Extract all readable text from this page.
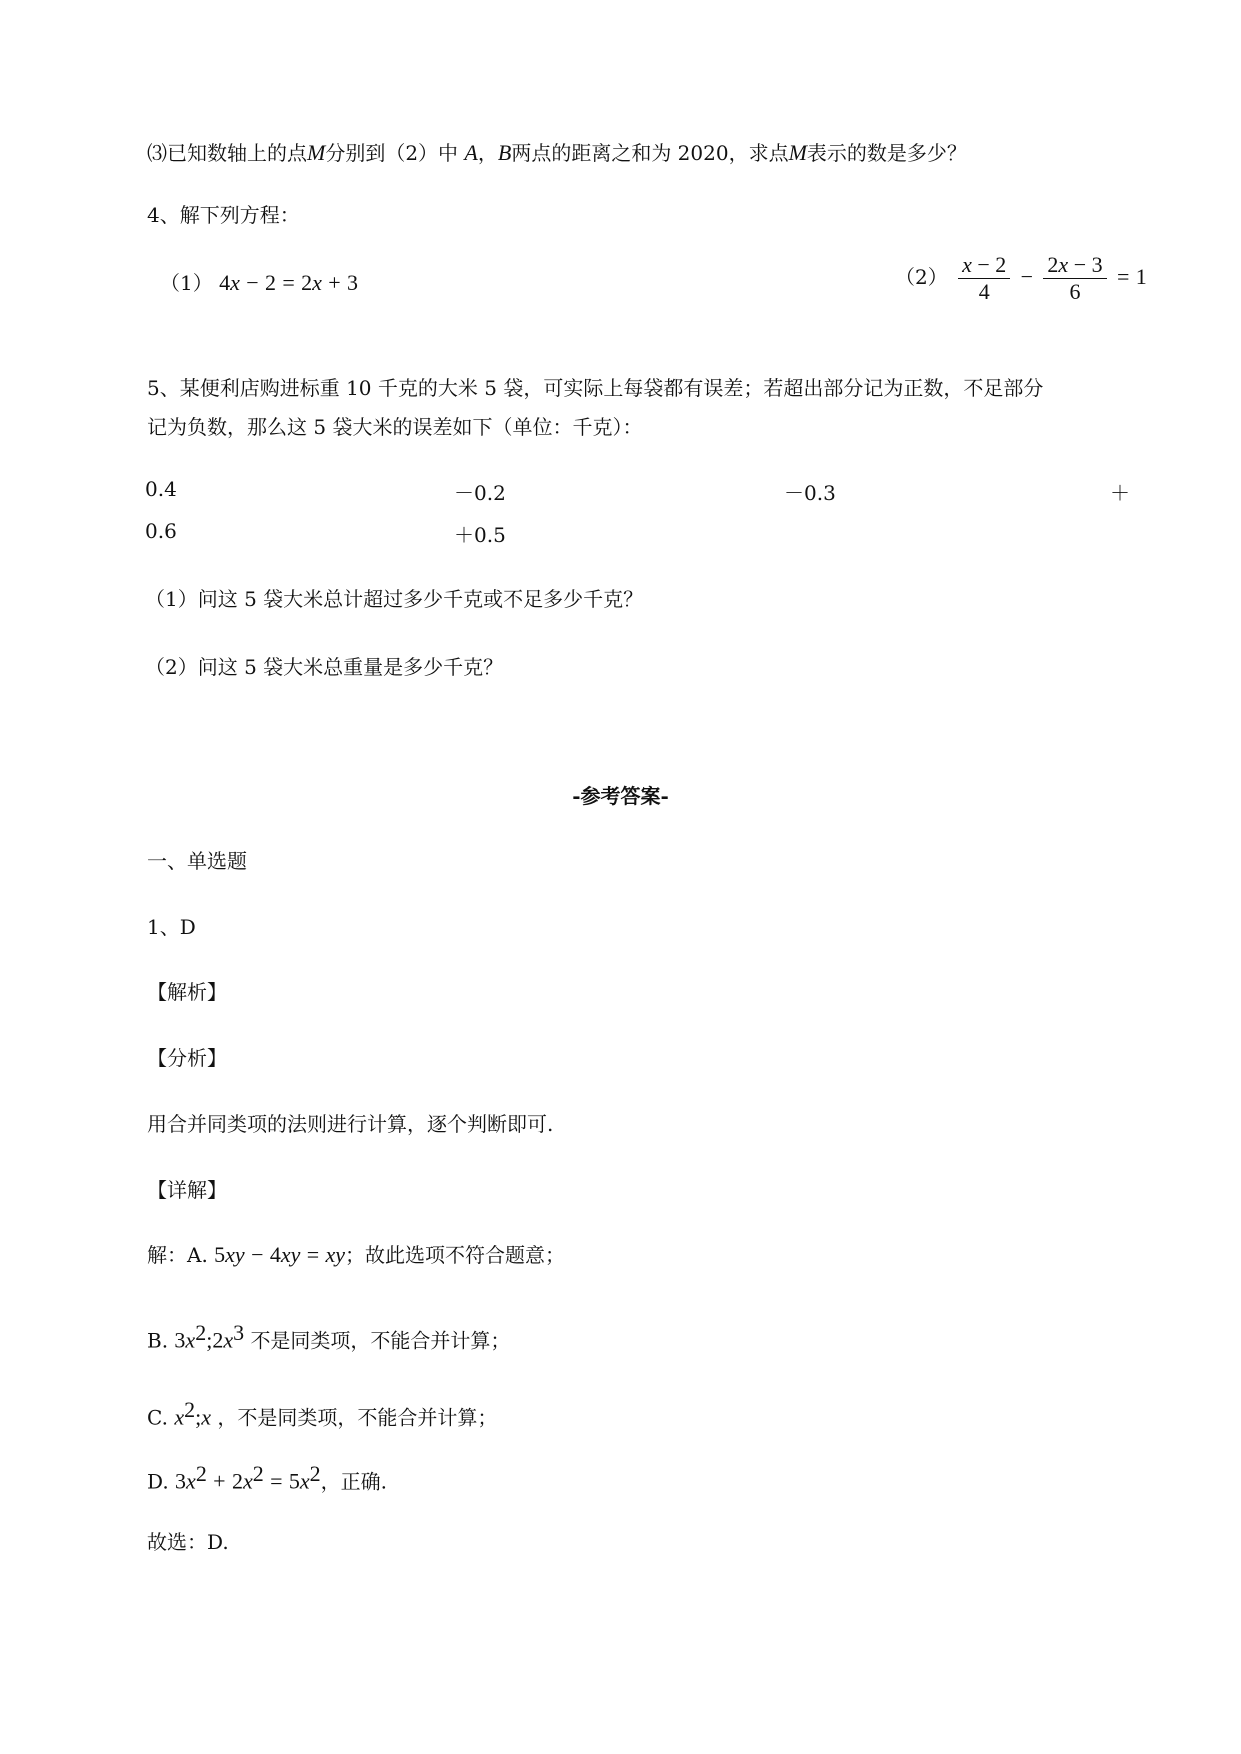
⑶已知数轴上的点M分别到（2）中 A，B两点的距离之和为 2020，求点M表示的数是多少？
4、解下列方程：
（1） 4x − 2 = 2x + 3	$(2) \frac{x - 2}{4} - \frac{2x - 3}{6} = 1$
5、某便利店购进标重 10 千克的大米 5 袋，可实际上每袋都有误差；若超出部分记为正数，不足部分
记为负数，那么这 5 袋大米的误差如下（单位：千克）：
0.4	－0.2	－0.3	＋
0.6	＋0.5
（1）问这 5 袋大米总计超过多少千克或不足多少千克？
（2）问这 5 袋大米总重量是多少千克？
-参考答案-
一、单选题
1、D
【解析】
【分析】
用合并同类项的法则进行计算，逐个判断即可.
【详解】
解：A. 5xy − 4xy = xy；故此选项不符合题意；
B. $3x^2;2x^3$ 不是同类项，不能合并计算；
C. $x^2;x$ ，不是同类项，不能合并计算；
D. $3x^2 + 2x^2 = 5x^2$，正确.
故选：D.
